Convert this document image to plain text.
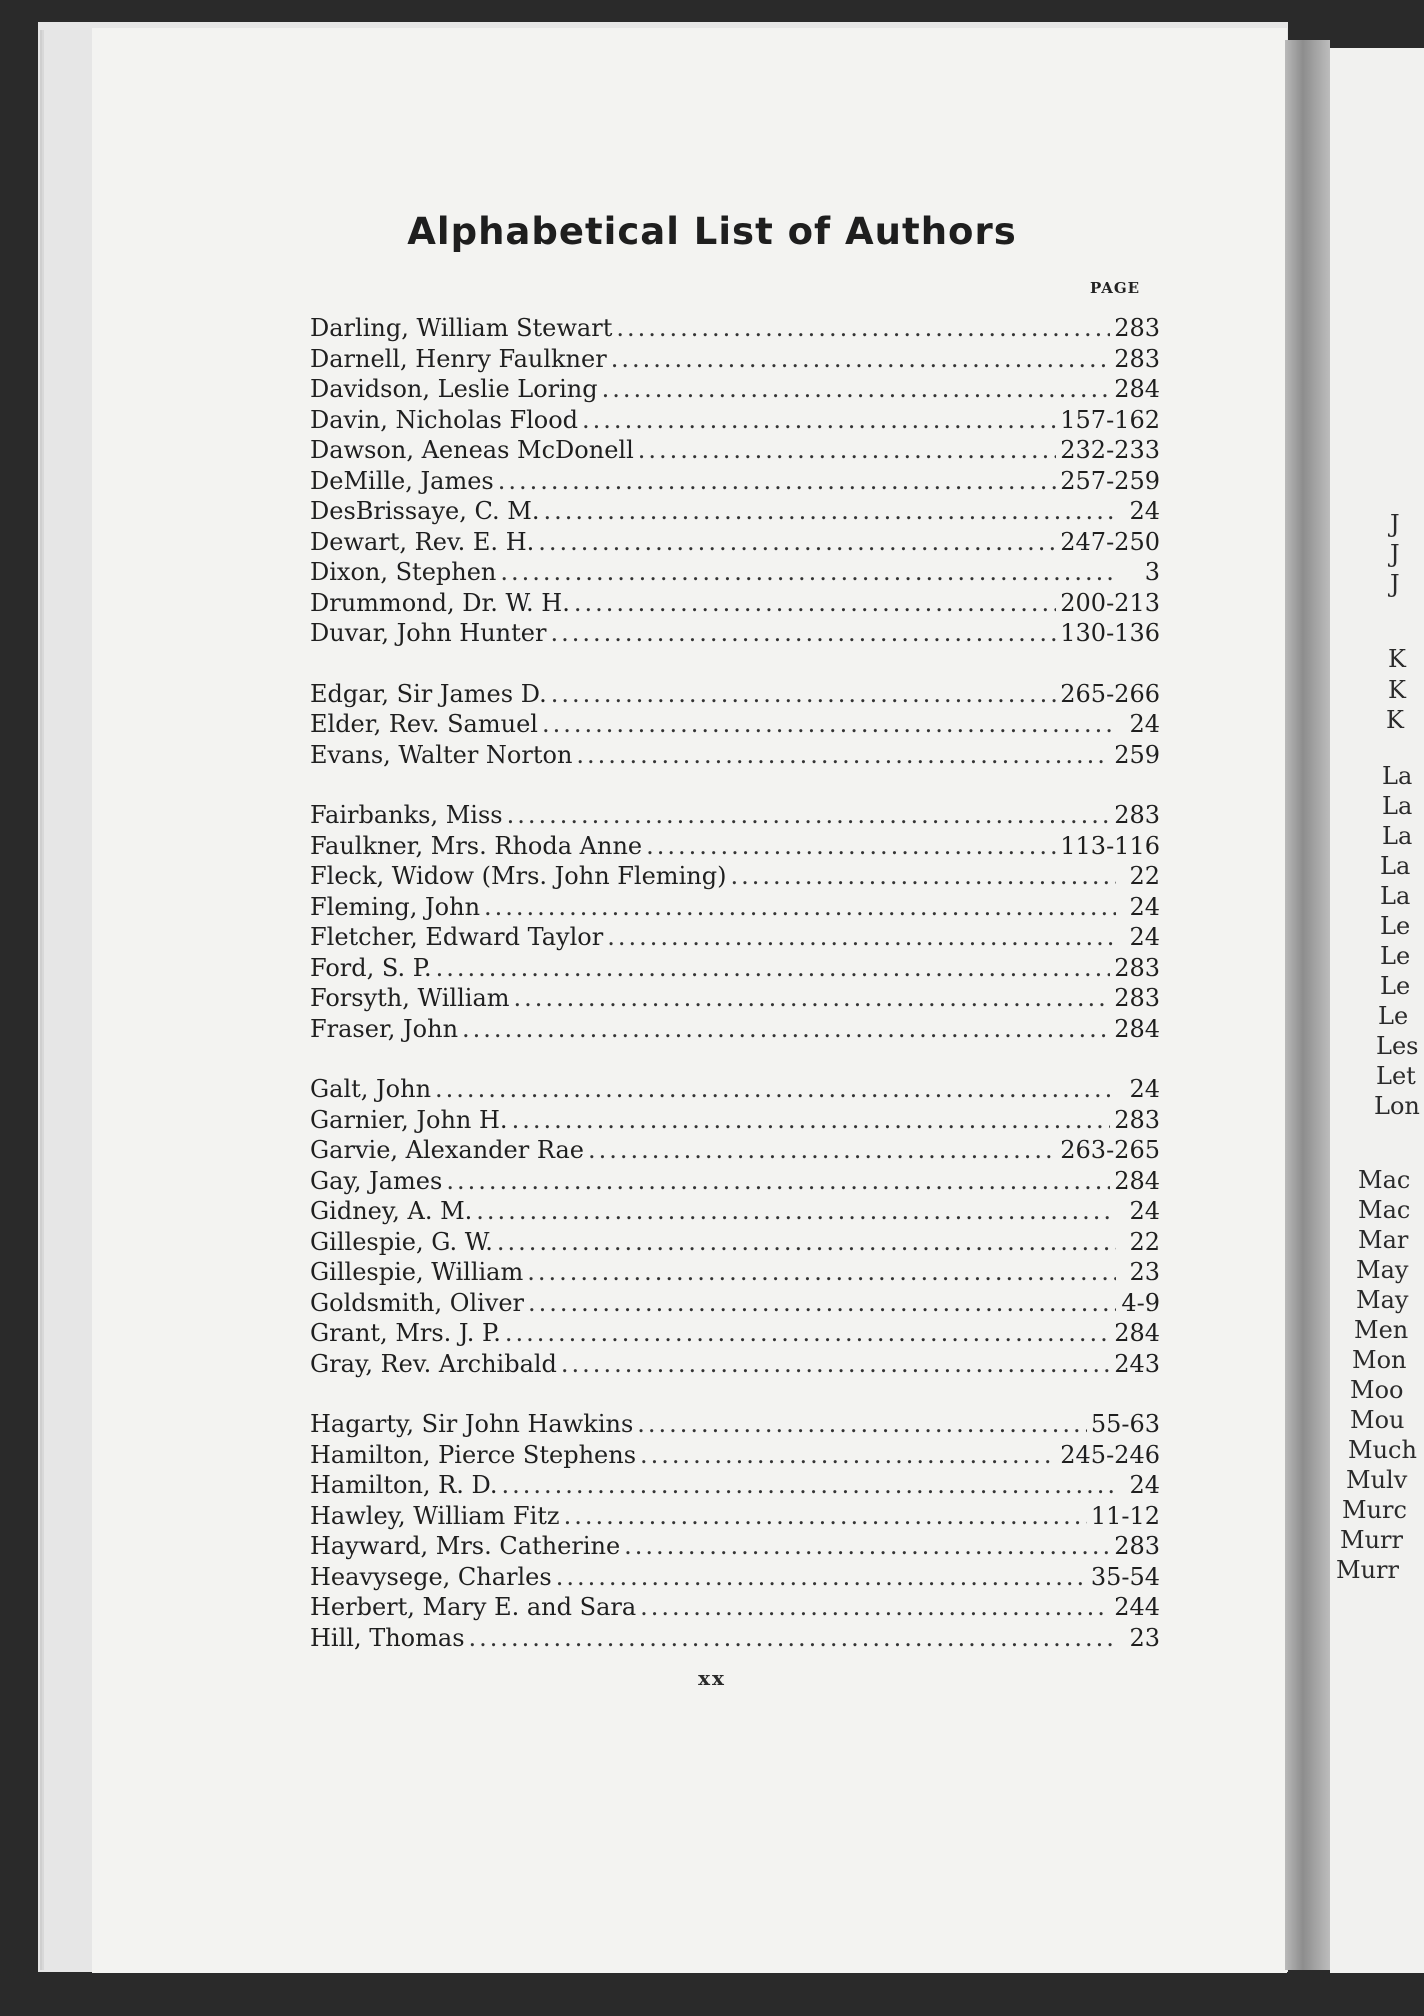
J
J
J
K
K
K
La
La
La
La
La
Le
Le
Le
Le
Les
Let
Lon
Mac
Mac
Mar
May
May
Men
Mon
Moo
Mou
Much
Mulv
Murc
Murr
Murr
Alphabetical List of Authors
PAGE
Darling, William Stewart .....	283
Darnell, Henry Faulkner .....	283
Davidson, Leslie Loring .....	284
Davin, Nicholas Flood .....	157-162
Dawson, Aeneas McDonell .....	232-233
DeMille, James .....	257-259
DesBrissaye, C. M. .....	24
Dewart, Rev. E. H. .....	247-250
Dixon, Stephen .....	3
Drummond, Dr. W. H. .....	200-213
Duvar, John Hunter .....	130-136
Edgar, Sir James D. .....	265-266
Elder, Rev. Samuel .....	24
Evans, Walter Norton .....	259
Fairbanks, Miss .....	283
Faulkner, Mrs. Rhoda Anne .....	113-116
Fleck, Widow (Mrs. John Fleming) .....	22
Fleming, John .....	24
Fletcher, Edward Taylor .....	24
Ford, S. P. .....	283
Forsyth, William .....	283
Fraser, John .....	284
Galt, John .....	24
Garnier, John H. .....	283
Garvie, Alexander Rae .....	263-265
Gay, James .....	284
Gidney, A. M. .....	24
Gillespie, G. W. .....	22
Gillespie, William .....	23
Goldsmith, Oliver .....	4-9
Grant, Mrs. J. P. .....	284
Gray, Rev. Archibald .....	243
Hagarty, Sir John Hawkins .....	55-63
Hamilton, Pierce Stephens .....	245-246
Hamilton, R. D. .....	24
Hawley, William Fitz .....	11-12
Hayward, Mrs. Catherine .....	283
Heavysege, Charles .....	35-54
Herbert, Mary E. and Sara .....	244
Hill, Thomas .....	23
xx
